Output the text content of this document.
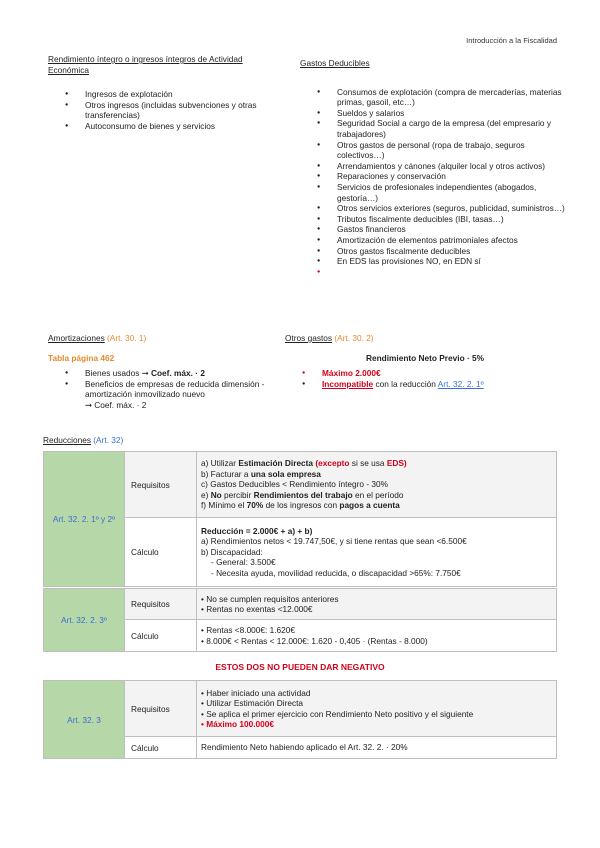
Introducción a la Fiscalidad
Rendimiento íntegro o ingresos íntegros de Actividad Económica
● Ingresos de explotación
● Otros ingresos (incluidas subvenciones y otras transferencias)
● Autoconsumo de bienes y servicios
Gastos Deducibles
● Consumos de explotación (compra de mercaderías, materias primas, gasoil, etc…)
● Sueldos y salarios
● Seguridad Social a cargo de la empresa (del empresario y trabajadores)
● Otros gastos de personal (ropa de trabajo, seguros colectivos…)
● Arrendamientos y cánones (alquiler local y otros activos)
● Reparaciones y conservación
● Servicios de profesionales independientes (abogados, gestoría…)
● Otros servicios exteriores (seguros, publicidad, suministros…)
● Tributos fiscalmente deducibles (IBI, tasas…)
● Gastos financieros
● Amortización de elementos patrimoniales afectos
● Otros gastos fiscalmente deducibles
● En EDS las provisiones NO, en EDN sí
Amortizaciones (Art. 30. 1)
Tabla página 462
● Bienes usados ➞ Coef. máx. · 2
● Beneficios de empresas de reducida dimensión - amortización inmovilizado nuevo
➞ Coef. máx. · 2
Otros gastos (Art. 30. 2)
Rendimiento Neto Previo · 5%
● Máximo 2.000€
● Incompatible con la reducción Art. 32. 2. 1º
Reducciones (Art. 32)
Art. 32. 2. 1º y 2º	Requisitos	a) Utilizar Estimación Directa (excepto si se usa EDS)
b) Facturar a una sola empresa
c) Gastos Deducibles < Rendimiento íntegro - 30%
e) No percibir Rendimientos del trabajo en el período
f) Mínimo el 70% de los ingresos con pagos a cuenta

	Cálculo	Reducción = 2.000€ + a) + b)
a) Rendimientos netos < 19.747,50€, y si tiene rentas que sean <6.500€
b) Discapacidad:
- General: 3.500€
- Necesita ayuda, movilidad reducida, o discapacidad >65%: 7.750€
Art. 32. 2. 3º	Requisitos	• No se cumplen requisitos anteriores
• Rentas no exentas <12.000€

	Cálculo	• Rentas <8.000€: 1.620€
• 8.000€ < Rentas < 12.000€: 1.620 - 0,405 · (Rentas - 8.000)
ESTOS DOS NO PUEDEN DAR NEGATIVO
Art. 32. 3	Requisitos	• Haber iniciado una actividad
• Utilizar Estimación Directa
• Se aplica el primer ejercicio con Rendimiento Neto positivo y el siguiente
• Máximo 100.000€

	Cálculo	Rendimiento Neto habiendo aplicado el Art. 32. 2. · 20%
